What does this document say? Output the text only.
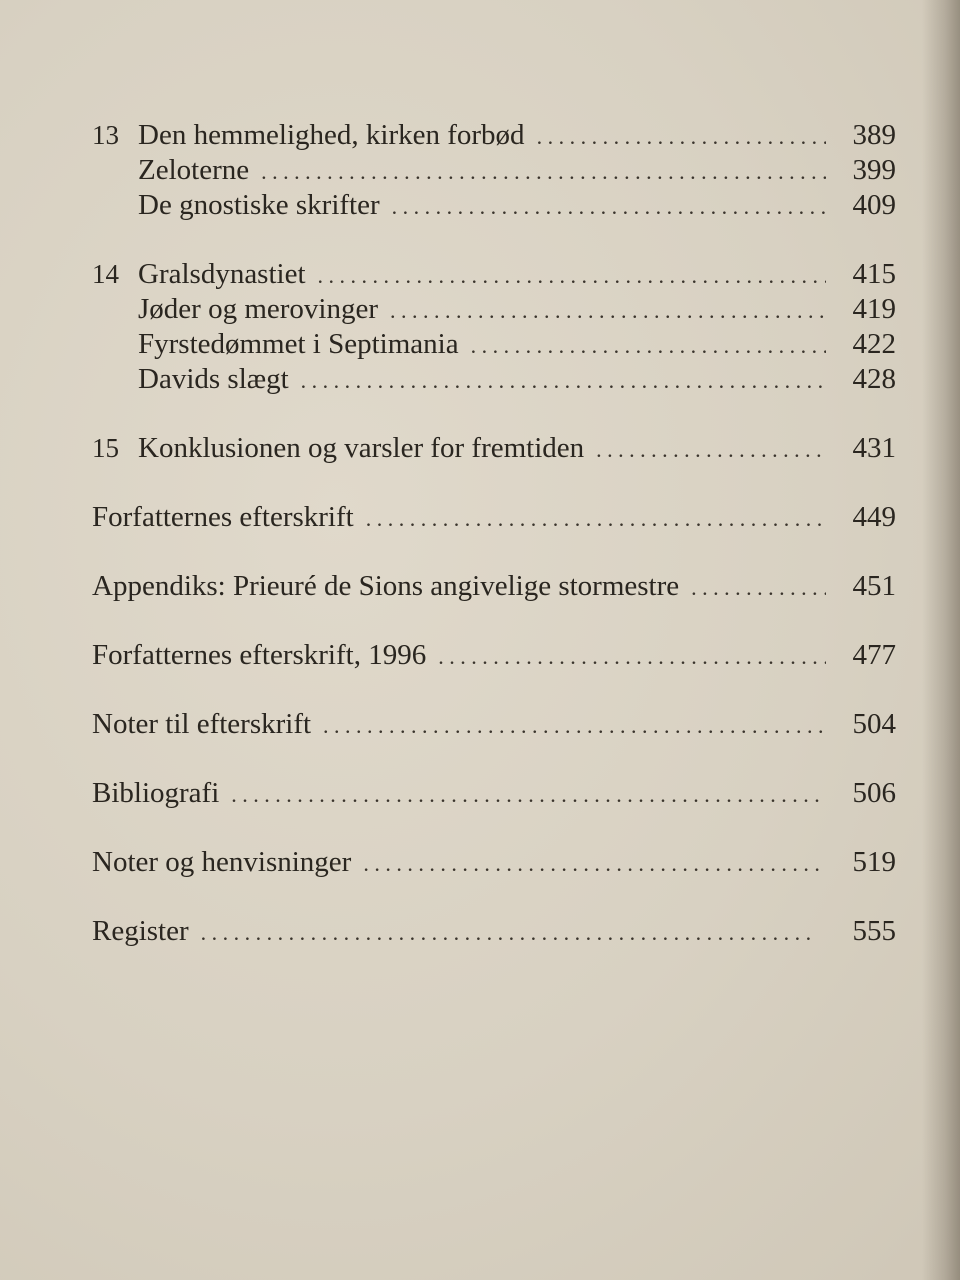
13 Den hemmelighed, kirken forbød . . .	389
Zeloterne . . .	399
De gnostiske skrifter . . .	409
14 Gralsdynastiet . . .	415
Jøder og merovinger . . .	419
Fyrstedømmet i Septimania . . .	422
Davids slægt . . .	428
15 Konklusionen og varsler for fremtiden . . .	431
Forfatternes efterskrift . . .	449
Appendiks: Prieuré de Sions angivelige stormestre . . .	451
Forfatternes efterskrift, 1996 . . .	477
Noter til efterskrift . . .	504
Bibliografi . . .	506
Noter og henvisninger . . .	519
Register . . .	555
